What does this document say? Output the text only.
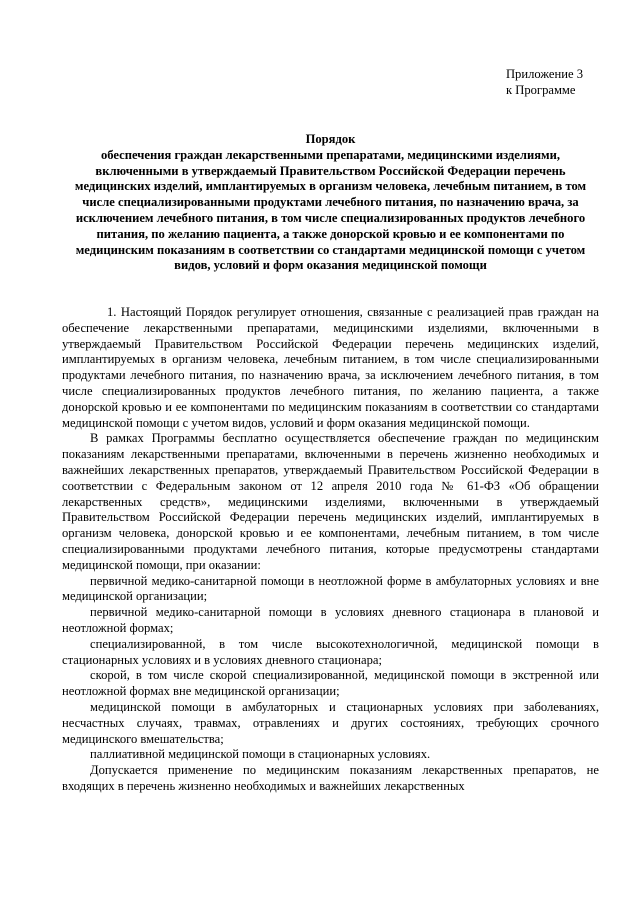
Приложение 3
к Программе
Порядок
обеспечения граждан лекарственными препаратами, медицинскими изделиями, включенными в утверждаемый Правительством Российской Федерации перечень медицинских изделий, имплантируемых в организм человека, лечебным питанием, в том числе специализированными продуктами лечебного питания, по назначению врача, за исключением лечебного питания, в том числе специализированных продуктов лечебного питания, по желанию пациента, а также донорской кровью и ее компонентами по медицинским показаниям в соответствии со стандартами медицинской помощи с учетом видов, условий и форм оказания медицинской помощи

1. Настоящий Порядок регулирует отношения, связанные с реализацией прав граждан на обеспечение лекарственными препаратами, медицинскими изделиями, включенными в утверждаемый Правительством Российской Федерации перечень медицинских изделий, имплантируемых в организм человека, лечебным питанием, в том числе специализированными продуктами лечебного питания, по назначению врача, за исключением лечебного питания, в том числе специализированных продуктов лечебного питания, по желанию пациента, а также донорской кровью и ее компонентами по медицинским показаниям в соответствии со стандартами медицинской помощи с учетом видов, условий и форм оказания медицинской помощи.

В рамках Программы бесплатно осуществляется обеспечение граждан по медицинским показаниям лекарственными препаратами, включенными в перечень жизненно необходимых и важнейших лекарственных препаратов, утверждаемый Правительством Российской Федерации в соответствии с Федеральным законом от 12 апреля 2010 года № 61-ФЗ «Об обращении лекарственных средств», медицинскими изделиями, включенными в утверждаемый Правительством Российской Федерации перечень медицинских изделий, имплантируемых в организм человека, донорской кровью и ее компонентами, лечебным питанием, в том числе специализированными продуктами лечебного питания, которые предусмотрены стандартами медицинской помощи, при оказании:

первичной медико-санитарной помощи в неотложной форме в амбулаторных условиях и вне медицинской организации;

первичной медико-санитарной помощи в условиях дневного стационара в плановой и неотложной формах;

специализированной, в том числе высокотехнологичной, медицинской помощи в стационарных условиях и в условиях дневного стационара;

скорой, в том числе скорой специализированной, медицинской помощи в экстренной или неотложной формах вне медицинской организации;

медицинской помощи в амбулаторных и стационарных условиях при заболеваниях, несчастных случаях, травмах, отравлениях и других состояниях, требующих срочного медицинского вмешательства;

паллиативной медицинской помощи в стационарных условиях.

Допускается применение по медицинским показаниям лекарственных препаратов, не входящих в перечень жизненно необходимых и важнейших лекарственных
